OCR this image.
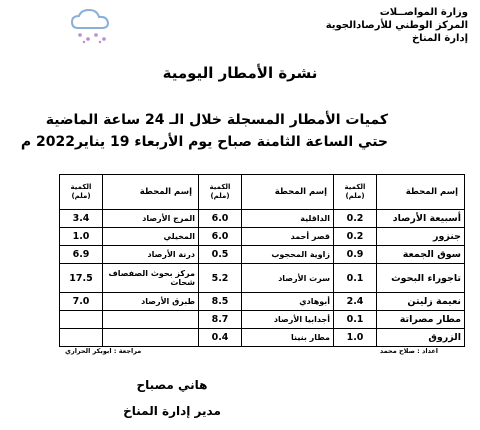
وزارة المواصــلات
المركز الوطني للأرصادالجوية
إدارة المناخ
نشرة الأمطار اليومية
كميات الأمطار المسجلة خلال الـ 24 ساعة الماضية
حتي الساعة الثامنة صباح يوم الأربعاء 19 يناير2022 م
إسم المحطة	الكمية (ملم)	إسم المحطة	الكمية (ملم)	إسم المحطة	الكمية (ملم)
أسبيعة الأرصاد	0.2	الداقلية	6.0	المرج الأرصاد	3.4
جنزور	0.2	قصر أحمد	6.0	المخيلي	1.0
سوق الجمعة	0.9	زاوية المحجوب	0.5	درنة الأرصاد	6.9
تاجوراء البحوث	0.1	سرت الأرصاد	5.2	مركز بحوث الصفصاف شحات	17.5
نعيمة زليتن	2.4	أبوهادي	8.5	طبرق الأرصاد	7.0
مطار مصراتة	0.1	أجدابيا الأرصاد	8.7		
الزروق	1.0	مطار بنينا	0.4		
اعداد : صلاح محمد
مراجعة : ابوبكر الحراري
هاني مصباح
مدير إدارة المناخ
